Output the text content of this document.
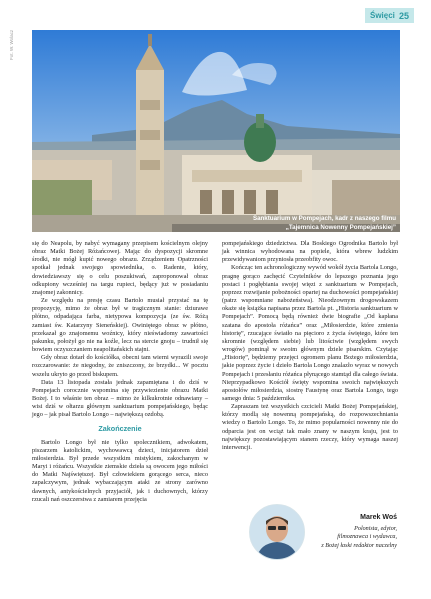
Święci 25
Fot. W. Wolacz
Sanktuarium w Pompejach, kadr z naszego filmu
„Tajemnica Nowenny Pompejańskiej”

się do Neapolu, by nabyć wymagany przepisem kościelnym olejny obraz Matki Bożej Różańcowej. Mając do dyspozycji skromne środki, nie mógł kupić nowego obrazu. Zrządzeniem Opatrzności spotkał jednak swojego spowiednika, o. Radente, który, dowiedziawszy się o celu poszukiwań, zaproponował obraz odkupiony wcześniej na targu rupieci, będący już w posiadaniu znajomej zakonnicy.

Ze względu na presję czasu Bartolo musiał przystać na tę propozycję, mimo że obraz był w tragicznym stanie: dziurawe płótno, odpadająca farba, nietypowa kompozycja (ze św. Różą zamiast św. Katarzyny Sieneńskiej). Owiniętego obraz w płótno, przekazał go znajomemu woźnicy, który nieświadomy zawartości pakunku, położył go nie na koźle, lecz na stercie gnoju – trudnił się bowiem oczyszczaniem neapolitańskich stajni.

Gdy obraz dotarł do kościółka, obecni tam wierni wyrazili swoje rozczarowanie: że niegodny, że zniszczony, że brzydki... W pocztu wszelu ukryto go przed biskupem.

Data 13 listopada została jednak zapamiętana i do dziś w Pompejach corocznie wspomina się przywiezienie obrazu Matki Bożej. I to właśnie ten obraz – mimo że kilkukrotnie odnawiany – wisi dziś w ołtarzu głównym sanktuarium pompejańskiego, będąc jego – jak pisał Bartolo Longo – największą ozdobą.

Zakończenie

Bartolo Longo był nie tylko spolecznikiem, adwokatem, piszarzem katolickim, wychowawcą dzieci, inicjatorem dzieł miłosierdzia. Był przede wszystkim mistykiem, zakochanym w Maryi i różańcu. Wszystkie ziemskie dzieła są owocem jego miłości do Matki Najświętszej. Był człowiekiem gorącego serca, nieco zapalczywym, jednak wybaczającym ataki ze strony zarówno dawnych, antykościelnych przyjaciół, jak i duchownych, którzy rzucali nań oszczerstwa z zamiarem przejęcia

pompejańskiego dziedzictwa. Dla Boskiego Ogrodnika Bartolo był jak winnica wyhodowana na popiele, która wbrew ludzkim przewidywaniom przyniosła przeobfity owoc.

Kończąc ten achronologiczny wywód wokół życia Bartola Longo, pragnę gorąco zachęcić Czytelników do lepszego poznania jego postaci i pogłębiania swojej więzi z sanktuarium w Pompejach, poprzez rozwijanie pobożności opartej na duchowości pompejańskiej (patrz wspomniane nabożeństwa). Nieodzownym drogowskazem okaże się książka napisana przez Bartola pt. „Historia sanktuarium w Pompejach”. Pomocą będą również dwie biografie „Od kapłana szatana do apostoła różańca” oraz „Miłosierdzie, które zmienia historię”, rzucające światło na pięcioro z życia świętego, które ten skromnie (względem siebie) lub litościwie (względem swych wrogów) pominął w swoim głównym dziele pisarskim. Czytając „Historię”, będziemy przejęci ogromem planu Bożego miłosierdzia, jakie poprzez życie i dzieło Bartola Longo znalazło wyraz w nowych Pompejach i przesłaniu różańca płynącego stamtąd dla całego świata. Nieprzypadkowo Kościół święty wspomina swoich największych apostołów miłosierdzia, siostrę Faustynę oraz Bartola Longo, tego samego dnia: 5 października.

Zapraszam też wszystkich czcicieli Matki Bożej Pompejańskiej, którzy modlą się nowenną pompejańską, do rozpowszechniania wiedzy o Bartolo Longo. To, że mimo popularności nowenny nie do odparcia jest on wciąż tak mało znany w naszym kraju, jest to największy pozostawiającym stanem rzeczy, który wymaga naszej interwencji.

Marek Woś
Polonista, edytor,
filmoznawca i wydawca,
z Bożej łaski redaktor naczelny
